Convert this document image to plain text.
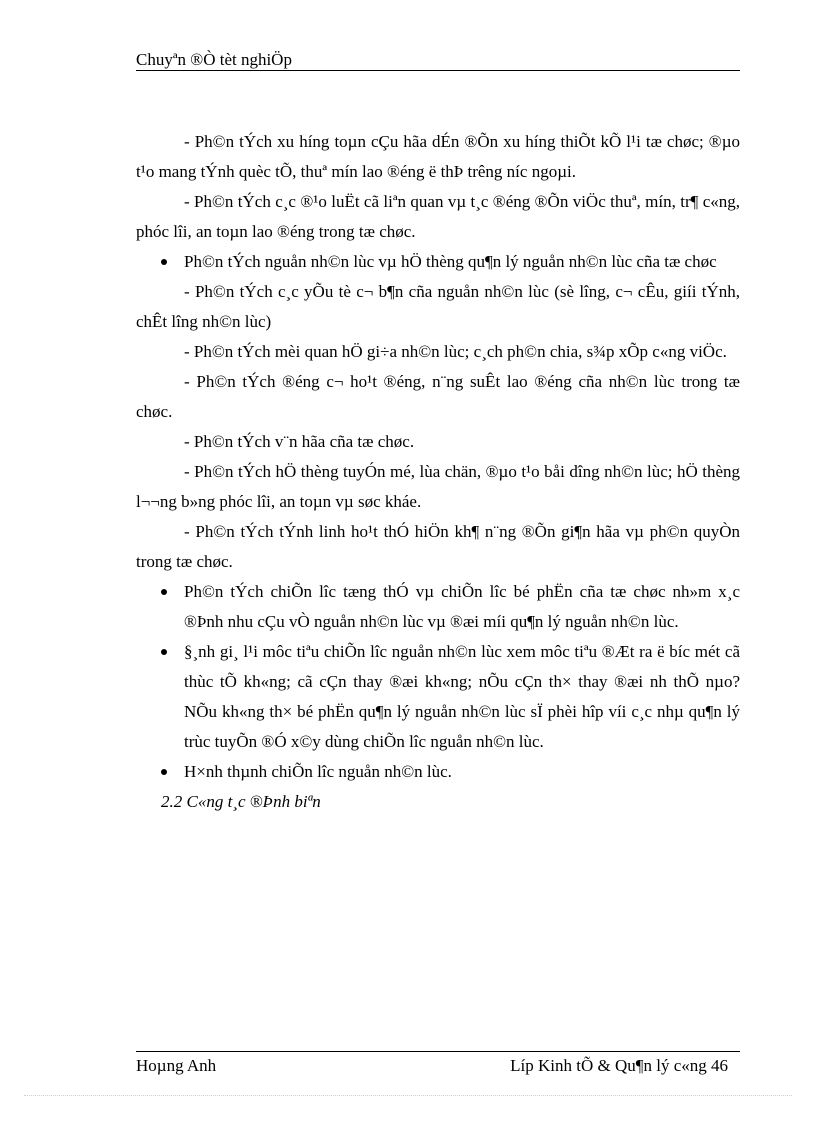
Chuyªn ®Ò tèt nghiÖp

- Ph©n tÝch xu híng toµn cÇu hãa dÉn ®Õn xu híng thiÕt kÕ l¹i tæ chøc; ®µo t¹o mang tÝnh quèc tÕ, thuª mín lao ®éng ë thÞ trêng níc ngoµi.

- Ph©n tÝch c¸c ®¹o luËt cã liªn quan vµ t¸c ®éng ®Õn viÖc thuª, mín, tr¶ c«ng, phóc lîi, an toµn lao ®éng trong tæ chøc.

Ph©n tÝch nguån nh©n lùc vµ hÖ thèng qu¶n lý nguån nh©n lùc cña tæ chøc

- Ph©n tÝch c¸c yÕu tè c¬ b¶n cña nguån nh©n lùc (sè lîng, c¬ cÊu, giíi tÝnh, chÊt lîng nh©n lùc)

- Ph©n tÝch mèi quan hÖ gi÷a nh©n lùc; c¸ch ph©n chia, s¾p xÕp c«ng viÖc.

- Ph©n tÝch ®éng c¬ ho¹t ®éng, n¨ng suÊt lao ®éng cña nh©n lùc trong tæ chøc.

- Ph©n tÝch v¨n hãa cña tæ chøc.

- Ph©n tÝch hÖ thèng tuyÓn mé, lùa chän, ®µo t¹o båi dîng nh©n lùc; hÖ thèng l¬¬ng b»ng phóc lîi, an toµn vµ søc kháe.

- Ph©n tÝch tÝnh linh ho¹t thÓ hiÖn kh¶ n¨ng ®Õn gi¶n hãa vµ ph©n quyÒn trong tæ chøc.

Ph©n tÝch chiÕn lîc tæng thÓ vµ chiÕn lîc bé phËn cña tæ chøc nh»m x¸c ®Þnh nhu cÇu vÒ nguån nh©n lùc vµ ®æi míi qu¶n lý nguån nh©n lùc.
§¸nh gi¸ l¹i môc tiªu chiÕn lîc nguån nh©n lùc xem môc tiªu ®Æt ra ë bíc mét cã thùc tÕ kh«ng; cã cÇn thay ®æi kh«ng; nÕu cÇn th× thay ®æi nh thÕ nµo? NÕu kh«ng th× bé phËn qu¶n lý nguån nh©n lùc sÏ phèi hîp víi c¸c nhµ qu¶n lý trùc tuyÕn ®Ó x©y dùng chiÕn lîc nguån nh©n lùc.
H×nh thµnh chiÕn lîc nguån nh©n lùc.
2.2 C«ng t¸c ®Þnh biªn
Hoµng Anh	Líp Kinh tÕ & Qu¶n lý c«ng 46
